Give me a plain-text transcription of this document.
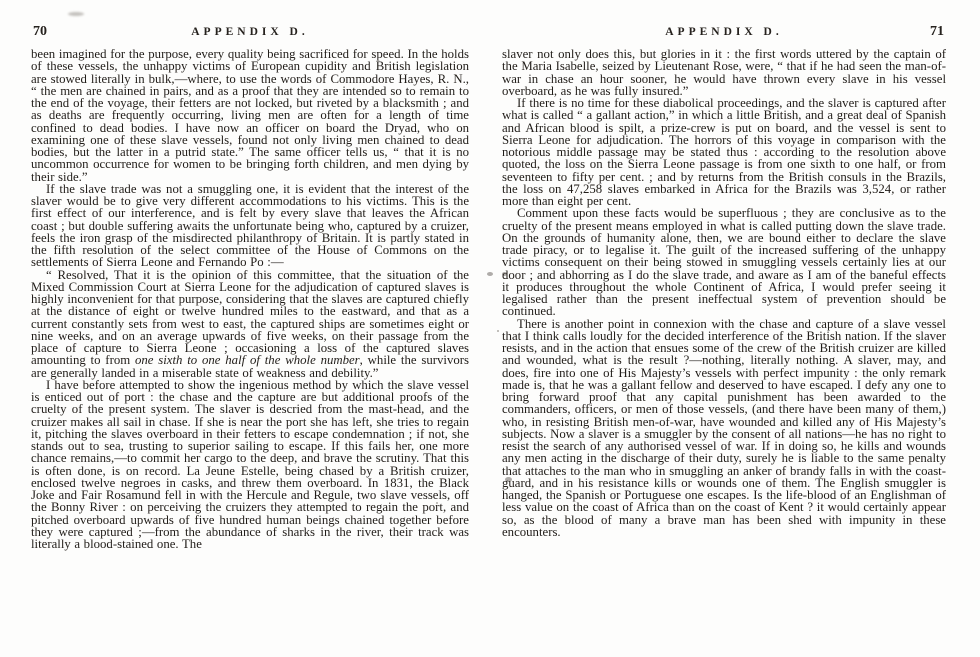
70	APPENDIX D.

been imagined for the purpose, every quality being sacrificed for speed. In the holds of these vessels, the unhappy victims of European cupidity and British legislation are stowed literally in bulk,—where, to use the words of Commodore Hayes, R. N., “ the men are chained in pairs, and as a proof that they are intended so to remain to the end of the voyage, their fetters are not locked, but riveted by a blacksmith ; and as deaths are frequently occurring, living men are often for a length of time confined to dead bodies. I have now an officer on board the Dryad, who on examining one of these slave vessels, found not only living men chained to dead bodies, but the latter in a putrid state.” The same officer tells us, “ that it is no uncommon occurrence for women to be bringing forth children, and men dying by their side.”

If the slave trade was not a smuggling one, it is evident that the interest of the slaver would be to give very different accommodations to his victims. This is the first effect of our interference, and is felt by every slave that leaves the African coast ; but double suffering awaits the unfortunate being who, captured by a cruizer, feels the iron grasp of the misdirected philanthropy of Britain. It is partly stated in the fifth resolution of the select committee of the House of Commons on the settlements of Sierra Leone and Fernando Po :—

“ Resolved, That it is the opinion of this committee, that the situation of the Mixed Commission Court at Sierra Leone for the adjudication of captured slaves is highly inconvenient for that purpose, considering that the slaves are captured chiefly at the distance of eight or twelve hundred miles to the eastward, and that as a current constantly sets from west to east, the captured ships are sometimes eight or nine weeks, and on an average upwards of five weeks, on their passage from the place of capture to Sierra Leone ; occasioning a loss of the captured slaves amounting to from one sixth to one half of the whole number, while the survivors are generally landed in a miserable state of weakness and debility.”

I have before attempted to show the ingenious method by which the slave vessel is enticed out of port : the chase and the capture are but additional proofs of the cruelty of the present system. The slaver is descried from the mast-head, and the cruizer makes all sail in chase. If she is near the port she has left, she tries to regain it, pitching the slaves overboard in their fetters to escape condemnation ; if not, she stands out to sea, trusting to superior sailing to escape. If this fails her, one more chance remains,—to commit her cargo to the deep, and brave the scrutiny. That this is often done, is on record. La Jeune Estelle, being chased by a British cruizer, enclosed twelve negroes in casks, and threw them overboard. In 1831, the Black Joke and Fair Rosamund fell in with the Hercule and Regule, two slave vessels, off the Bonny River : on perceiving the cruizers they attempted to regain the port, and pitched overboard upwards of five hundred human beings chained together before they were captured ;—from the abundance of sharks in the river, their track was literally a blood-stained one. The

APPENDIX D.	71

slaver not only does this, but glories in it : the first words uttered by the captain of the Maria Isabelle, seized by Lieutenant Rose, were, “ that if he had seen the man-of-war in chase an hour sooner, he would have thrown every slave in his vessel overboard, as he was fully insured.”

If there is no time for these diabolical proceedings, and the slaver is captured after what is called “ a gallant action,” in which a little British, and a great deal of Spanish and African blood is spilt, a prize-crew is put on board, and the vessel is sent to Sierra Leone for adjudication. The horrors of this voyage in comparison with the notorious middle passage may be stated thus : according to the resolution above quoted, the loss on the Sierra Leone passage is from one sixth to one half, or from seventeen to fifty per cent. ; and by returns from the British consuls in the Brazils, the loss on 47,258 slaves embarked in Africa for the Brazils was 3,524, or rather more than eight per cent.

Comment upon these facts would be superfluous ; they are conclusive as to the cruelty of the present means employed in what is called putting down the slave trade. On the grounds of humanity alone, then, we are bound either to declare the slave trade piracy, or to legalise it. The guilt of the increased suffering of the unhappy victims consequent on their being stowed in smuggling vessels certainly lies at our door ; and abhorring as I do the slave trade, and aware as I am of the baneful effects it produces throughout the whole Continent of Africa, I would prefer seeing it legalised rather than the present ineffectual system of prevention should be continued.

There is another point in connexion with the chase and capture of a slave vessel that I think calls loudly for the decided interference of the British nation. If the slaver resists, and in the action that ensues some of the crew of the British cruizer are killed and wounded, what is the result ?—nothing, literally nothing. A slaver, may, and does, fire into one of His Majesty’s vessels with perfect impunity : the only remark made is, that he was a gallant fellow and deserved to have escaped. I defy any one to bring forward proof that any capital punishment has been awarded to the commanders, officers, or men of those vessels, (and there have been many of them,) who, in resisting British men-of-war, have wounded and killed any of His Majesty’s subjects. Now a slaver is a smuggler by the consent of all nations—he has no right to resist the search of any authorised vessel of war. If in doing so, he kills and wounds any men acting in the discharge of their duty, surely he is liable to the same penalty that attaches to the man who in smuggling an anker of brandy falls in with the coast-guard, and in his resistance kills or wounds one of them. The English smuggler is hanged, the Spanish or Portuguese one escapes. Is the life-blood of an Englishman of less value on the coast of Africa than on the coast of Kent ? it would certainly appear so, as the blood of many a brave man has been shed with impunity in these encounters.
